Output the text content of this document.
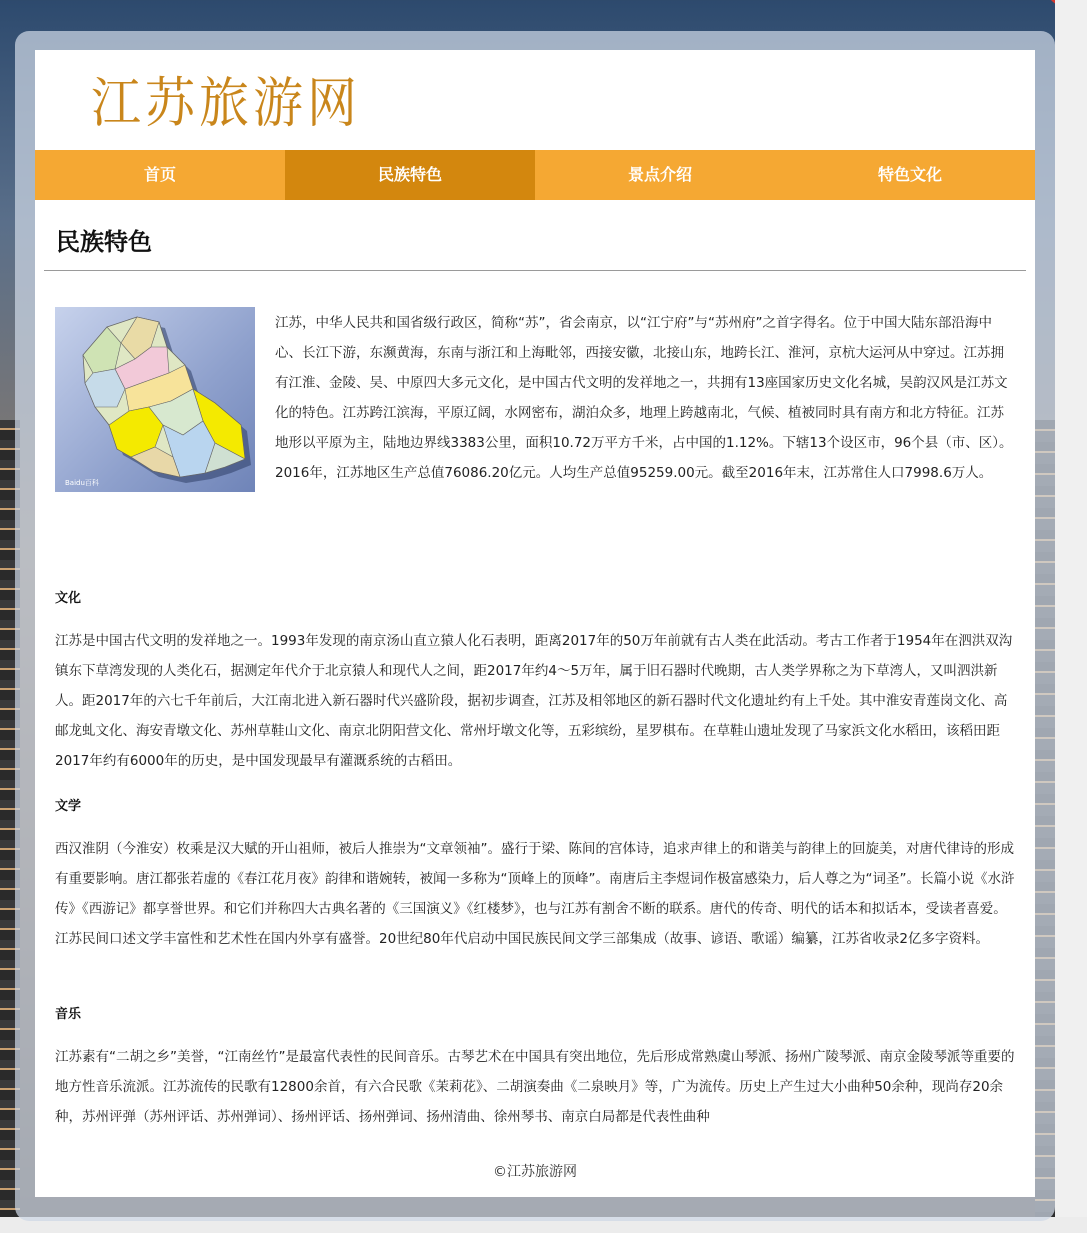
江苏旅游网
首页	民族特色	景点介绍	特色文化
民族特色
Baidu百科

江苏，中华人民共和国省级行政区，简称“苏”，省会南京，以“江宁府”与“苏州府”之首字得名。位于中国大陆东部沿海中心、长江下游，东濒黄海，东南与浙江和上海毗邻，西接安徽，北接山东，地跨长江、淮河，京杭大运河从中穿过。江苏拥有江淮、金陵、吴、中原四大多元文化，是中国古代文明的发祥地之一，共拥有13座国家历史文化名城，吴韵汉风是江苏文化的特色。江苏跨江滨海，平原辽阔，水网密布，湖泊众多，地理上跨越南北，气候、植被同时具有南方和北方特征。江苏地形以平原为主，陆地边界线3383公里，面积10.72万平方千米，占中国的1.12%。下辖13个设区市，96个县（市、区）。2016年，江苏地区生产总值76086.20亿元。人均生产总值95259.00元。截至2016年末，江苏常住人口7998.6万人。

文化

江苏是中国古代文明的发祥地之一。1993年发现的南京汤山直立猿人化石表明，距离2017年的50万年前就有古人类在此活动。考古工作者于1954年在泗洪双沟镇东下草湾发现的人类化石，据测定年代介于北京猿人和现代人之间，距2017年约4～5万年，属于旧石器时代晚期，古人类学界称之为下草湾人，又叫泗洪新人。距2017年的六七千年前后，大江南北进入新石器时代兴盛阶段，据初步调查，江苏及相邻地区的新石器时代文化遗址约有上千处。其中淮安青莲岗文化、高邮龙虬文化、海安青墩文化、苏州草鞋山文化、南京北阴阳营文化、常州圩墩文化等，五彩缤纷，星罗棋布。在草鞋山遗址发现了马家浜文化水稻田，该稻田距2017年约有6000年的历史，是中国发现最早有灌溉系统的古稻田。

文学

西汉淮阴（今淮安）枚乘是汉大赋的开山祖师，被后人推崇为“文章领袖”。盛行于梁、陈间的宫体诗，追求声律上的和谐美与韵律上的回旋美，对唐代律诗的形成有重要影响。唐江都张若虚的《春江花月夜》韵律和谐婉转，被闻一多称为“顶峰上的顶峰”。南唐后主李煜词作极富感染力，后人尊之为“词圣”。长篇小说《水浒传》《西游记》都享誉世界。和它们并称四大古典名著的《三国演义》《红楼梦》，也与江苏有割舍不断的联系。唐代的传奇、明代的话本和拟话本，受读者喜爱。江苏民间口述文学丰富性和艺术性在国内外享有盛誉。20世纪80年代启动中国民族民间文学三部集成（故事、谚语、歌谣）编纂，江苏省收录2亿多字资料。

音乐

江苏素有“二胡之乡”美誉，“江南丝竹”是最富代表性的民间音乐。古琴艺术在中国具有突出地位，先后形成常熟虞山琴派、扬州广陵琴派、南京金陵琴派等重要的地方性音乐流派。江苏流传的民歌有12800余首，有六合民歌《茉莉花》、二胡演奏曲《二泉映月》等，广为流传。历史上产生过大小曲种50余种，现尚存20余种，苏州评弹（苏州评话、苏州弹词）、扬州评话、扬州弹词、扬州清曲、徐州琴书、南京白局都是代表性曲种

©江苏旅游网
